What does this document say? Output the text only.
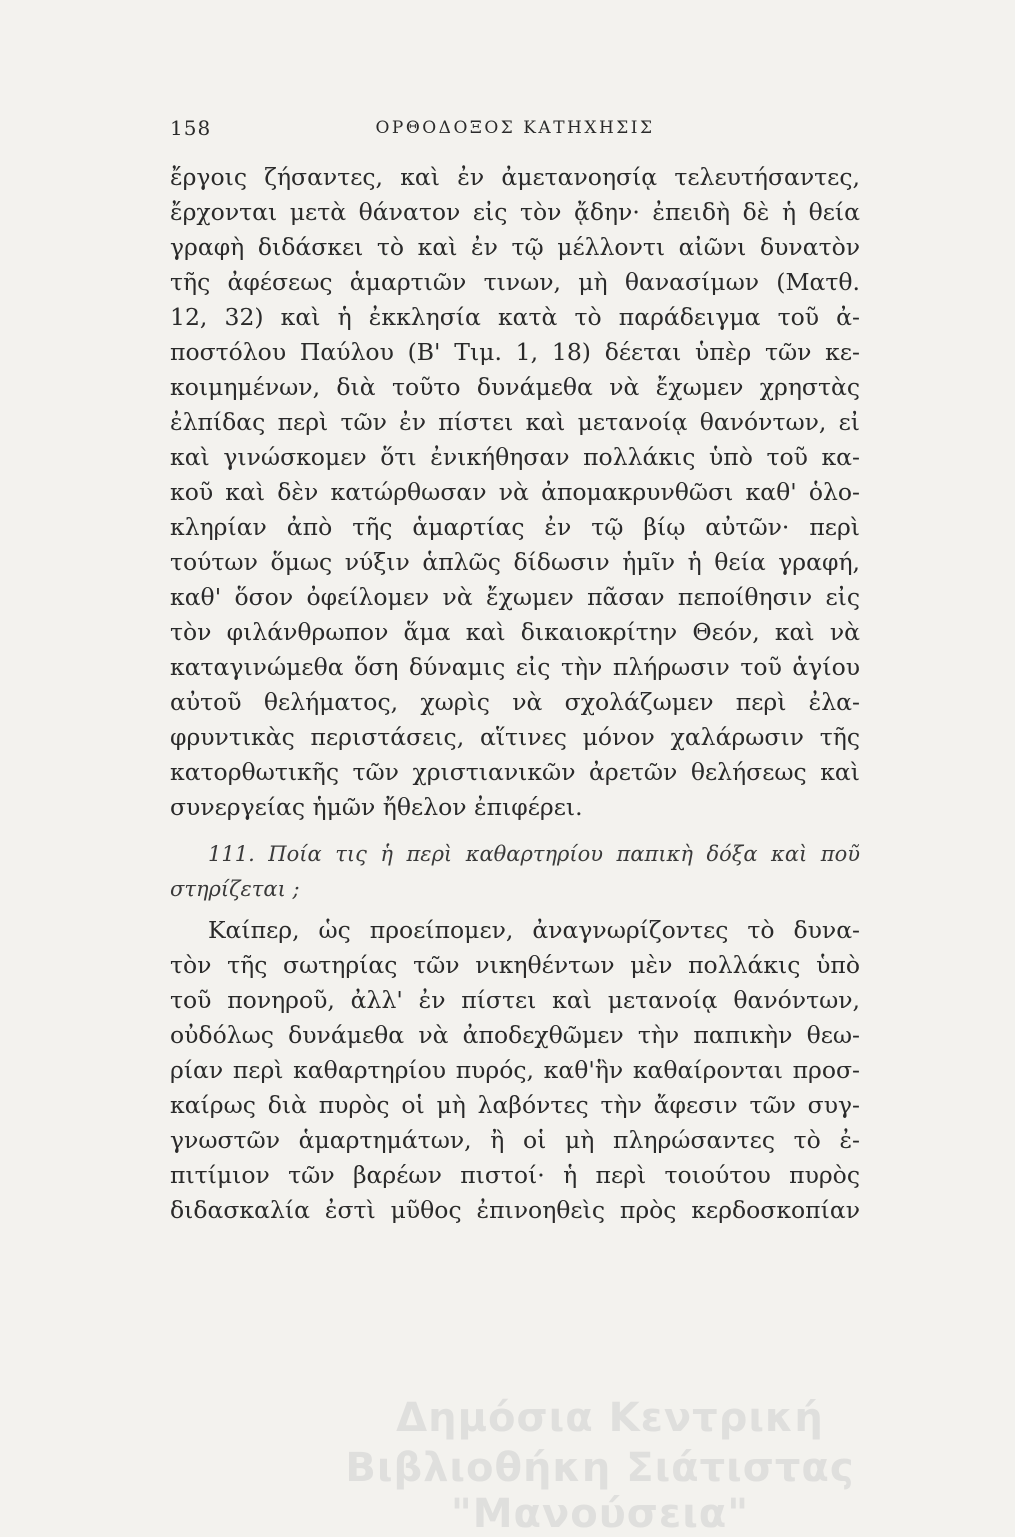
158	ΟΡΘΟΔΟΞΟΣ ΚΑΤΗΧΗΣΙΣ
ἔργοις ζήσαντες, καὶ ἐν ἀμετανοησίᾳ τελευτήσαντες,
ἔρχονται μετὰ θάνατον εἰς τὸν ᾄδην· ἐπειδὴ δὲ ἡ θεία
γραφὴ διδάσκει τὸ καὶ ἐν τῷ μέλλοντι αἰῶνι δυνατὸν
τῆς ἀφέσεως ἁμαρτιῶν τινων, μὴ θανασίμων (Ματθ.
12, 32) καὶ ἡ ἐκκλησία κατὰ τὸ παράδειγμα τοῦ ἀ-
ποστόλου Παύλου (Β' Τιμ. 1, 18) δέεται ὑπὲρ τῶν κε-
κοιμημένων, διὰ τοῦτο δυνάμεθα νὰ ἔχωμεν χρηστὰς
ἐλπίδας περὶ τῶν ἐν πίστει καὶ μετανοίᾳ θανόντων, εἰ
καὶ γινώσκομεν ὅτι ἐνικήθησαν πολλάκις ὑπὸ τοῦ κα-
κοῦ καὶ δὲν κατώρθωσαν νὰ ἀπομακρυνθῶσι καθ' ὁλο-
κληρίαν ἀπὸ τῆς ἁμαρτίας ἐν τῷ βίῳ αὐτῶν· περὶ
τούτων ὅμως νύξιν ἁπλῶς δίδωσιν ἡμῖν ἡ θεία γραφή,
καθ' ὅσον ὀφείλομεν νὰ ἔχωμεν πᾶσαν πεποίθησιν εἰς
τὸν φιλάνθρωπον ἅμα καὶ δικαιοκρίτην Θεόν, καὶ νὰ
καταγινώμεθα ὅση δύναμις εἰς τὴν πλήρωσιν τοῦ ἁγίου
αὐτοῦ θελήματος, χωρὶς νὰ σχολάζωμεν περὶ ἐλα-
φρυντικὰς περιστάσεις, αἵτινες μόνον χαλάρωσιν τῆς
κατορθωτικῆς τῶν χριστιανικῶν ἀρετῶν θελήσεως καὶ
συνεργείας ἡμῶν ἤθελον ἐπιφέρει.
111. Ποία τις ἡ περὶ καθαρτηρίου παπικὴ δόξα καὶ ποῦ
στηρίζεται ;
Καίπερ, ὡς προείπομεν, ἀναγνωρίζοντες τὸ δυνα-
τὸν τῆς σωτηρίας τῶν νικηθέντων μὲν πολλάκις ὑπὸ
τοῦ πονηροῦ, ἀλλ' ἐν πίστει καὶ μετανοίᾳ θανόντων,
οὐδόλως δυνάμεθα νὰ ἀποδεχθῶμεν τὴν παπικὴν θεω-
ρίαν περὶ καθαρτηρίου πυρός, καθ'ἣν καθαίρονται προσ-
καίρως διὰ πυρὸς οἱ μὴ λαβόντες τὴν ἄφεσιν τῶν συγ-
γνωστῶν ἁμαρτημάτων, ἢ οἱ μὴ πληρώσαντες τὸ ἐ-
πιτίμιον τῶν βαρέων πιστοί· ἡ περὶ τοιούτου πυρὸς
διδασκαλία ἐστὶ μῦθος ἐπινοηθεὶς πρὸς κερδοσκοπίαν
Δημόσια Κεντρική
Βιβλιοθήκη Σιάτιστας "Μανούσεια"
